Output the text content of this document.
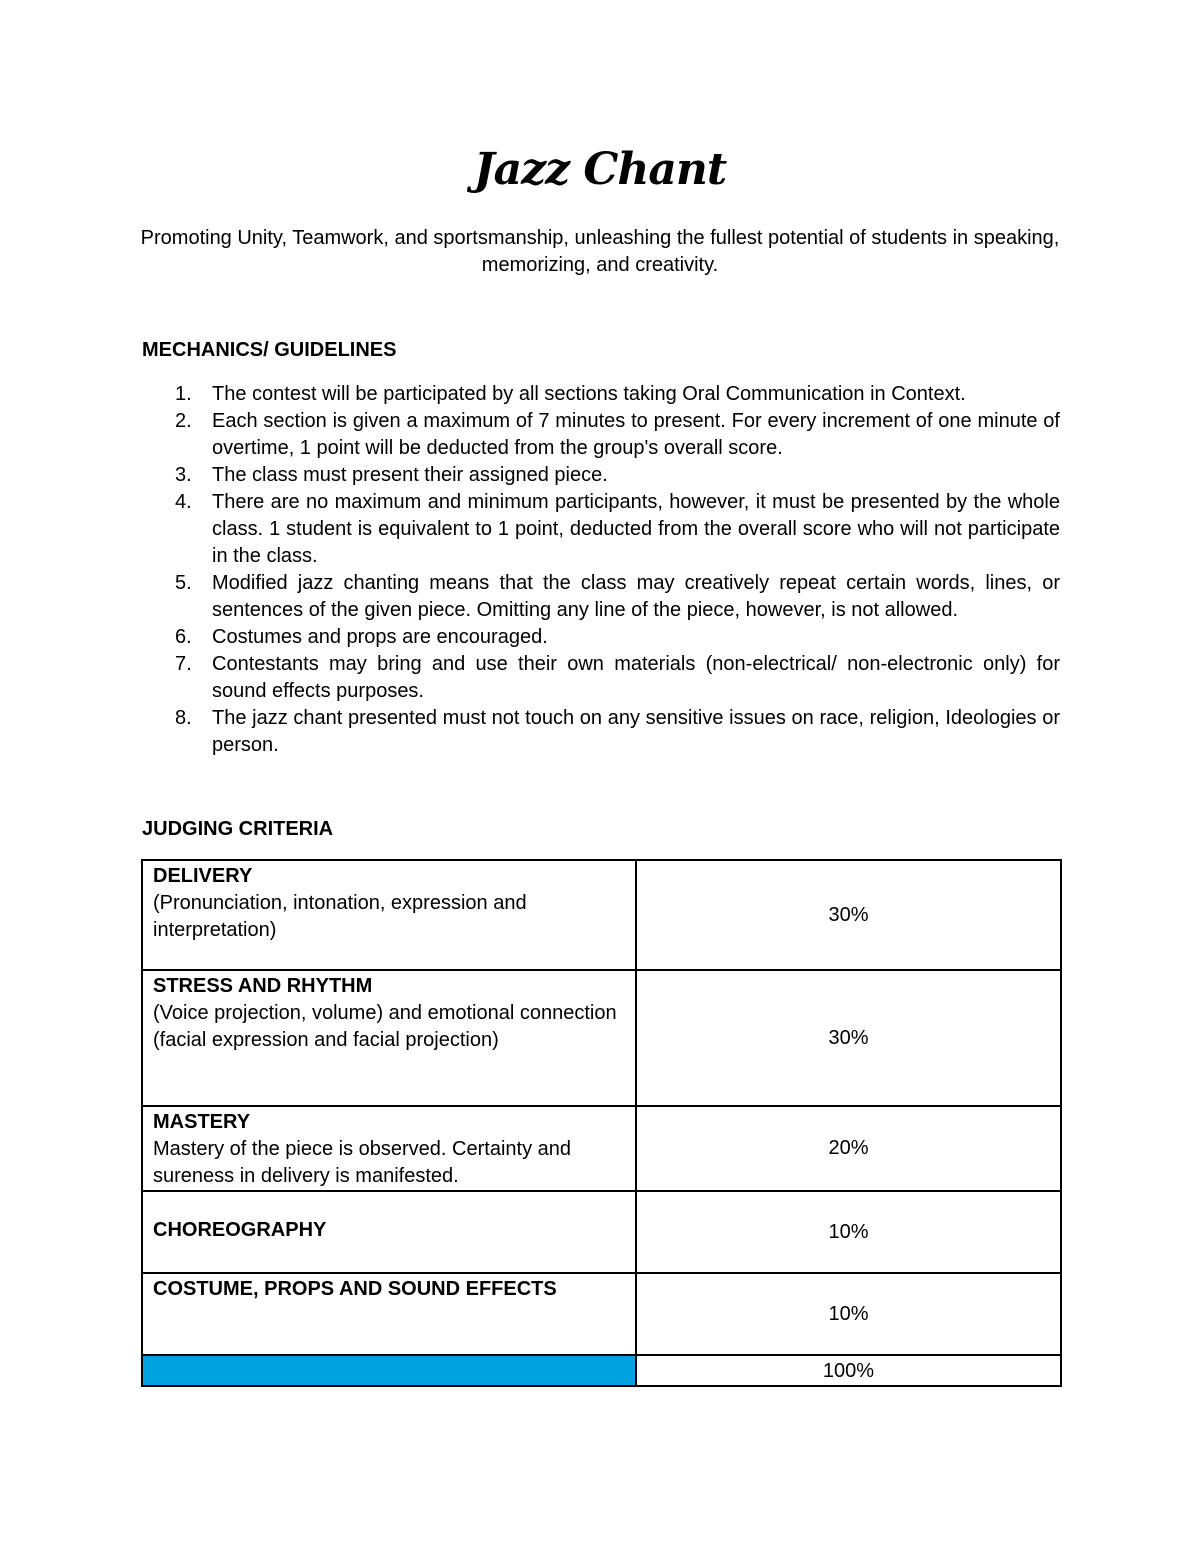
Jazz Chant

Promoting Unity, Teamwork, and sportsmanship, unleashing the fullest potential of students in speaking, memorizing, and creativity.

MECHANICS/ GUIDELINES
1. The contest will be participated by all sections taking Oral Communication in Context.
2. Each section is given a maximum of 7 minutes to present. For every increment of one minute of overtime, 1 point will be deducted from the group's overall score.
3. The class must present their assigned piece.
4. There are no maximum and minimum participants, however, it must be presented by the whole class. 1 student is equivalent to 1 point, deducted from the overall score who will not participate in the class.
5. Modified jazz chanting means that the class may creatively repeat certain words, lines, or sentences of the given piece. Omitting any line of the piece, however, is not allowed.
6. Costumes and props are encouraged.
7. Contestants may bring and use their own materials (non-electrical/ non-electronic only) for sound effects purposes.
8. The jazz chant presented must not touch on any sensitive issues on race, religion, Ideologies or person.
JUDGING CRITERIA
DELIVERY
(Pronunciation, intonation, expression and interpretation)	30%

STRESS AND RHYTHM
(Voice projection, volume) and emotional connection (facial expression and facial projection)	30%

MASTERY
Mastery of the piece is observed. Certainty and sureness in delivery is manifested.	20%

CHOREOGRAPHY	10%

COSTUME, PROPS AND SOUND EFFECTS	10%
	100%
